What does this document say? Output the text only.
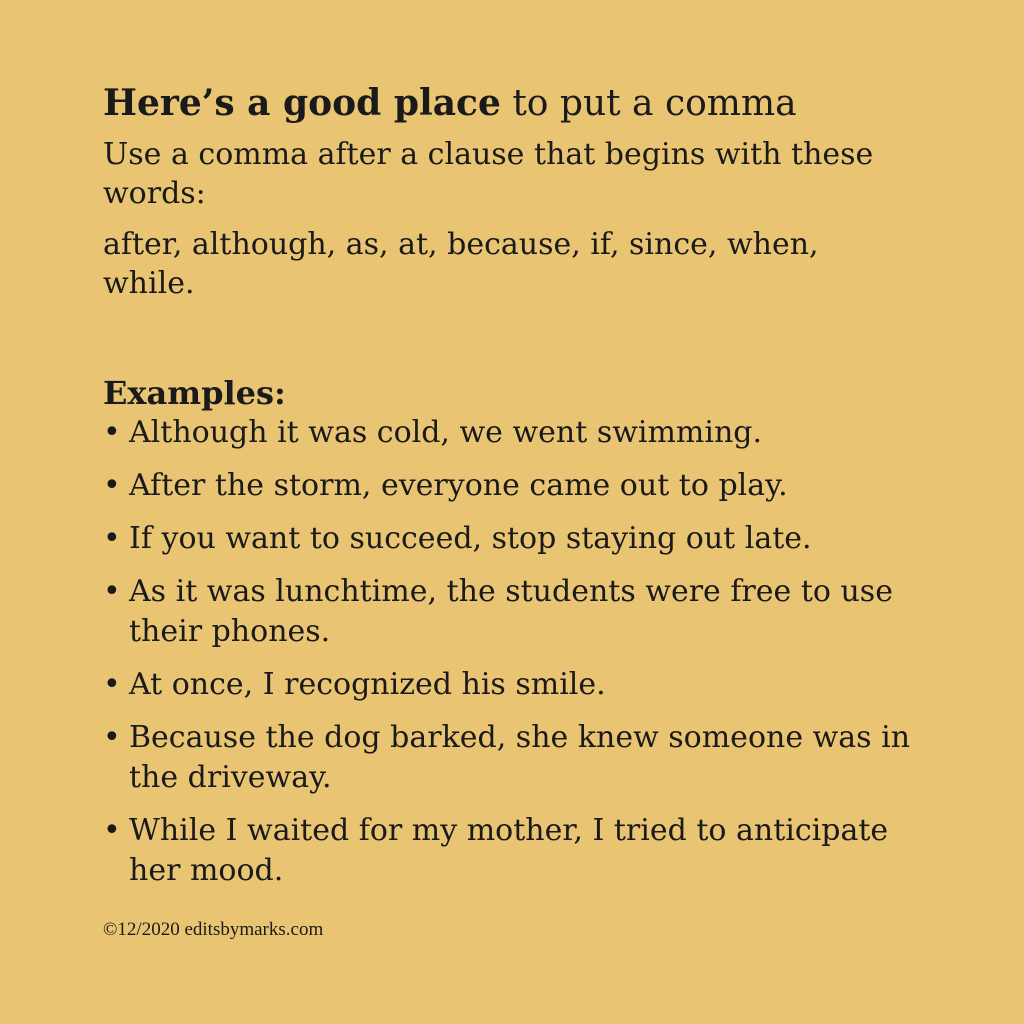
Here’s a good place to put a comma

Use a comma after a clause that begins with these words:

after, although, as, at, because, if, since, when, while.

Examples:
• Although it was cold, we went swimming.
• After the storm, everyone came out to play.
• If you want to succeed, stop staying out late.
• As it was lunchtime, the students were free to use their phones.
• At once, I recognized his smile.
• Because the dog barked, she knew someone was in the driveway.
• While I waited for my mother, I tried to anticipate her mood.
©12/2020 editsbymarks.com
